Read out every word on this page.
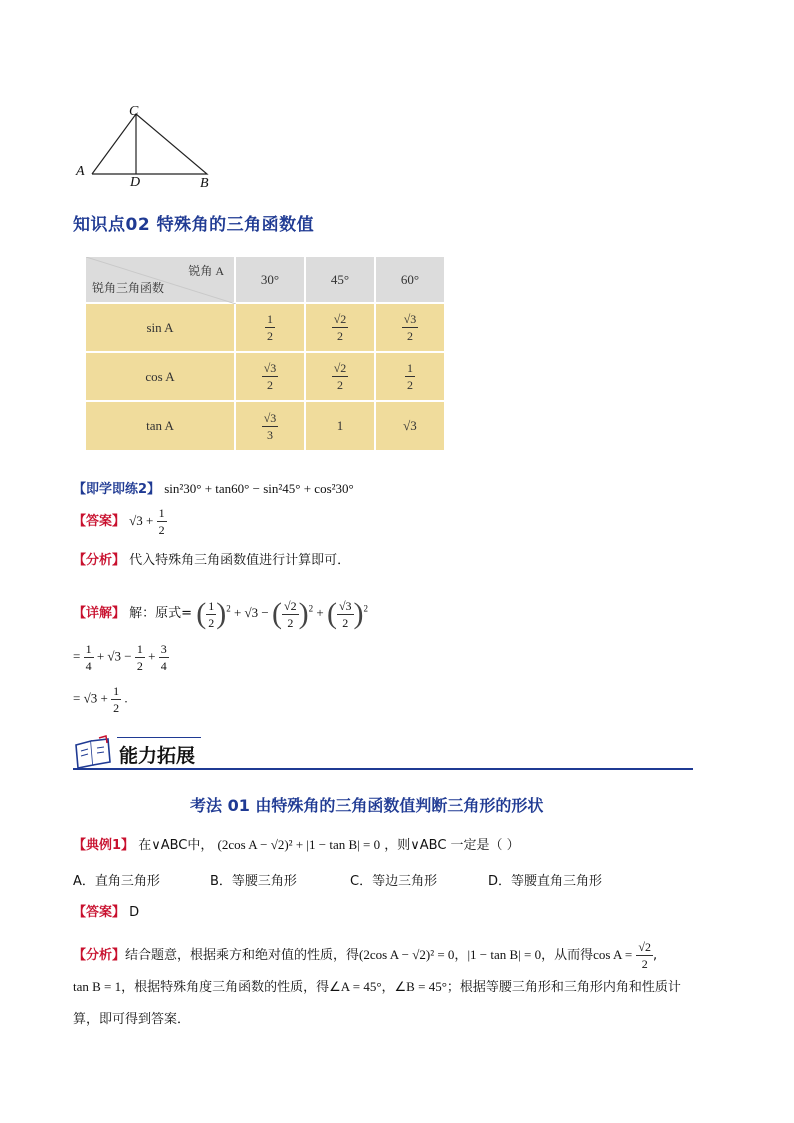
C
A
D	B
知识点02 特殊角的三角函数值
锐角 A
锐角三角函数
30°	45°	60°
sin A	$\frac{1}{2}$	$\frac{√2}{2}$	$\frac{√3}{2}$
cos A	$\frac{√3}{2}$	$\frac{√2}{2}$	$\frac{1}{2}$
tan A	$\frac{√3}{3}$	1	√3
【即学即练2】 sin²30° + tan60° − sin²45° + cos²30°
【答案】 $√3 + \frac{1}{2}$
【分析】 代入特殊角三角函数值进行计算即可．
【详解】 解：原式= ( $\frac{1}{2} )^2 + √3$ − ( $\frac{√2}{2} )^2$ + ( $\frac{√3}{2} )^2$
= $\frac{1}{4} + √3 - \frac{1}{2} + \frac{3}{4}$
= $√3 + \frac{1}{2}$ .
能力拓展
考法 01 由特殊角的三角函数值判断三角形的形状
【典例1】 在∨ABC中， (2cos A − √2)² + |1 − tan B| = 0 ，则∨ABC 一定是（ ）
A．直角三角形	B．等腰三角形	C．等边三角形	D．等腰直角三角形
【答案】 D
【分析】结合题意，根据乘方和绝对值的性质，得(2cos A − √2)² = 0，|1 − tan B| = 0，从而得$\cos A = \frac{√2}{2}$ ,
tan B = 1，根据特殊角度三角函数的性质，得∠A = 45°，∠B = 45°；根据等腰三角形和三角形内角和性质计
算，即可得到答案．
